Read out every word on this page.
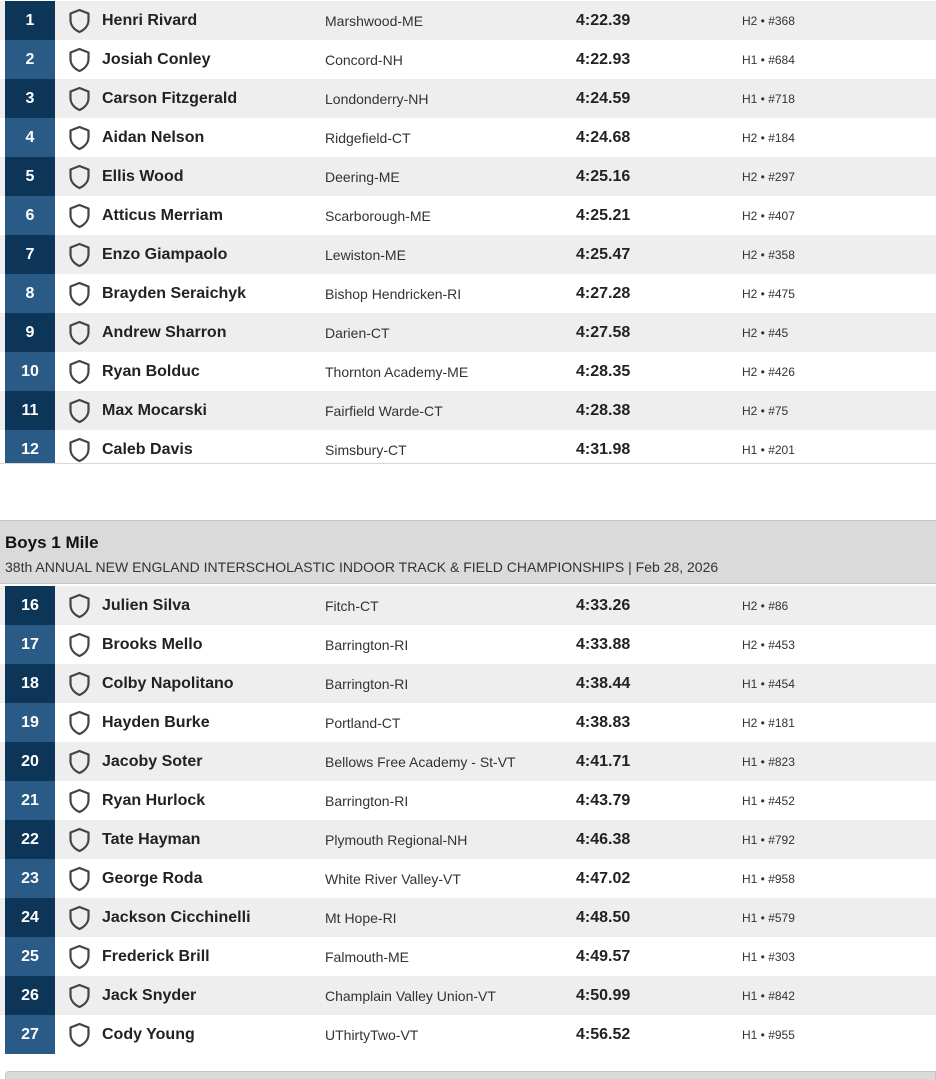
1	Henri Rivard	Marshwood-ME	4:22.39	H2 • #368
2	Josiah Conley	Concord-NH	4:22.93	H1 • #684
3	Carson Fitzgerald	Londonderry-NH	4:24.59	H1 • #718
4	Aidan Nelson	Ridgefield-CT	4:24.68	H2 • #184
5	Ellis Wood	Deering-ME	4:25.16	H2 • #297
6	Atticus Merriam	Scarborough-ME	4:25.21	H2 • #407
7	Enzo Giampaolo	Lewiston-ME	4:25.47	H2 • #358
8	Brayden Seraichyk	Bishop Hendricken-RI	4:27.28	H2 • #475
9	Andrew Sharron	Darien-CT	4:27.58	H2 • #45
10	Ryan Bolduc	Thornton Academy-ME	4:28.35	H2 • #426
11	Max Mocarski	Fairfield Warde-CT	4:28.38	H2 • #75
12	Caleb Davis	Simsbury-CT	4:31.98	H1 • #201
Boys 1 Mile
38th ANNUAL NEW ENGLAND INTERSCHOLASTIC INDOOR TRACK & FIELD CHAMPIONSHIPS | Feb 28, 2026
16	Julien Silva	Fitch-CT	4:33.26	H2 • #86
17	Brooks Mello	Barrington-RI	4:33.88	H2 • #453
18	Colby Napolitano	Barrington-RI	4:38.44	H1 • #454
19	Hayden Burke	Portland-CT	4:38.83	H2 • #181
20	Jacoby Soter	Bellows Free Academy - St-VT	4:41.71	H1 • #823
21	Ryan Hurlock	Barrington-RI	4:43.79	H1 • #452
22	Tate Hayman	Plymouth Regional-NH	4:46.38	H1 • #792
23	George Roda	White River Valley-VT	4:47.02	H1 • #958
24	Jackson Cicchinelli	Mt Hope-RI	4:48.50	H1 • #579
25	Frederick Brill	Falmouth-ME	4:49.57	H1 • #303
26	Jack Snyder	Champlain Valley Union-VT	4:50.99	H1 • #842
27	Cody Young	UThirtyTwo-VT	4:56.52	H1 • #955
